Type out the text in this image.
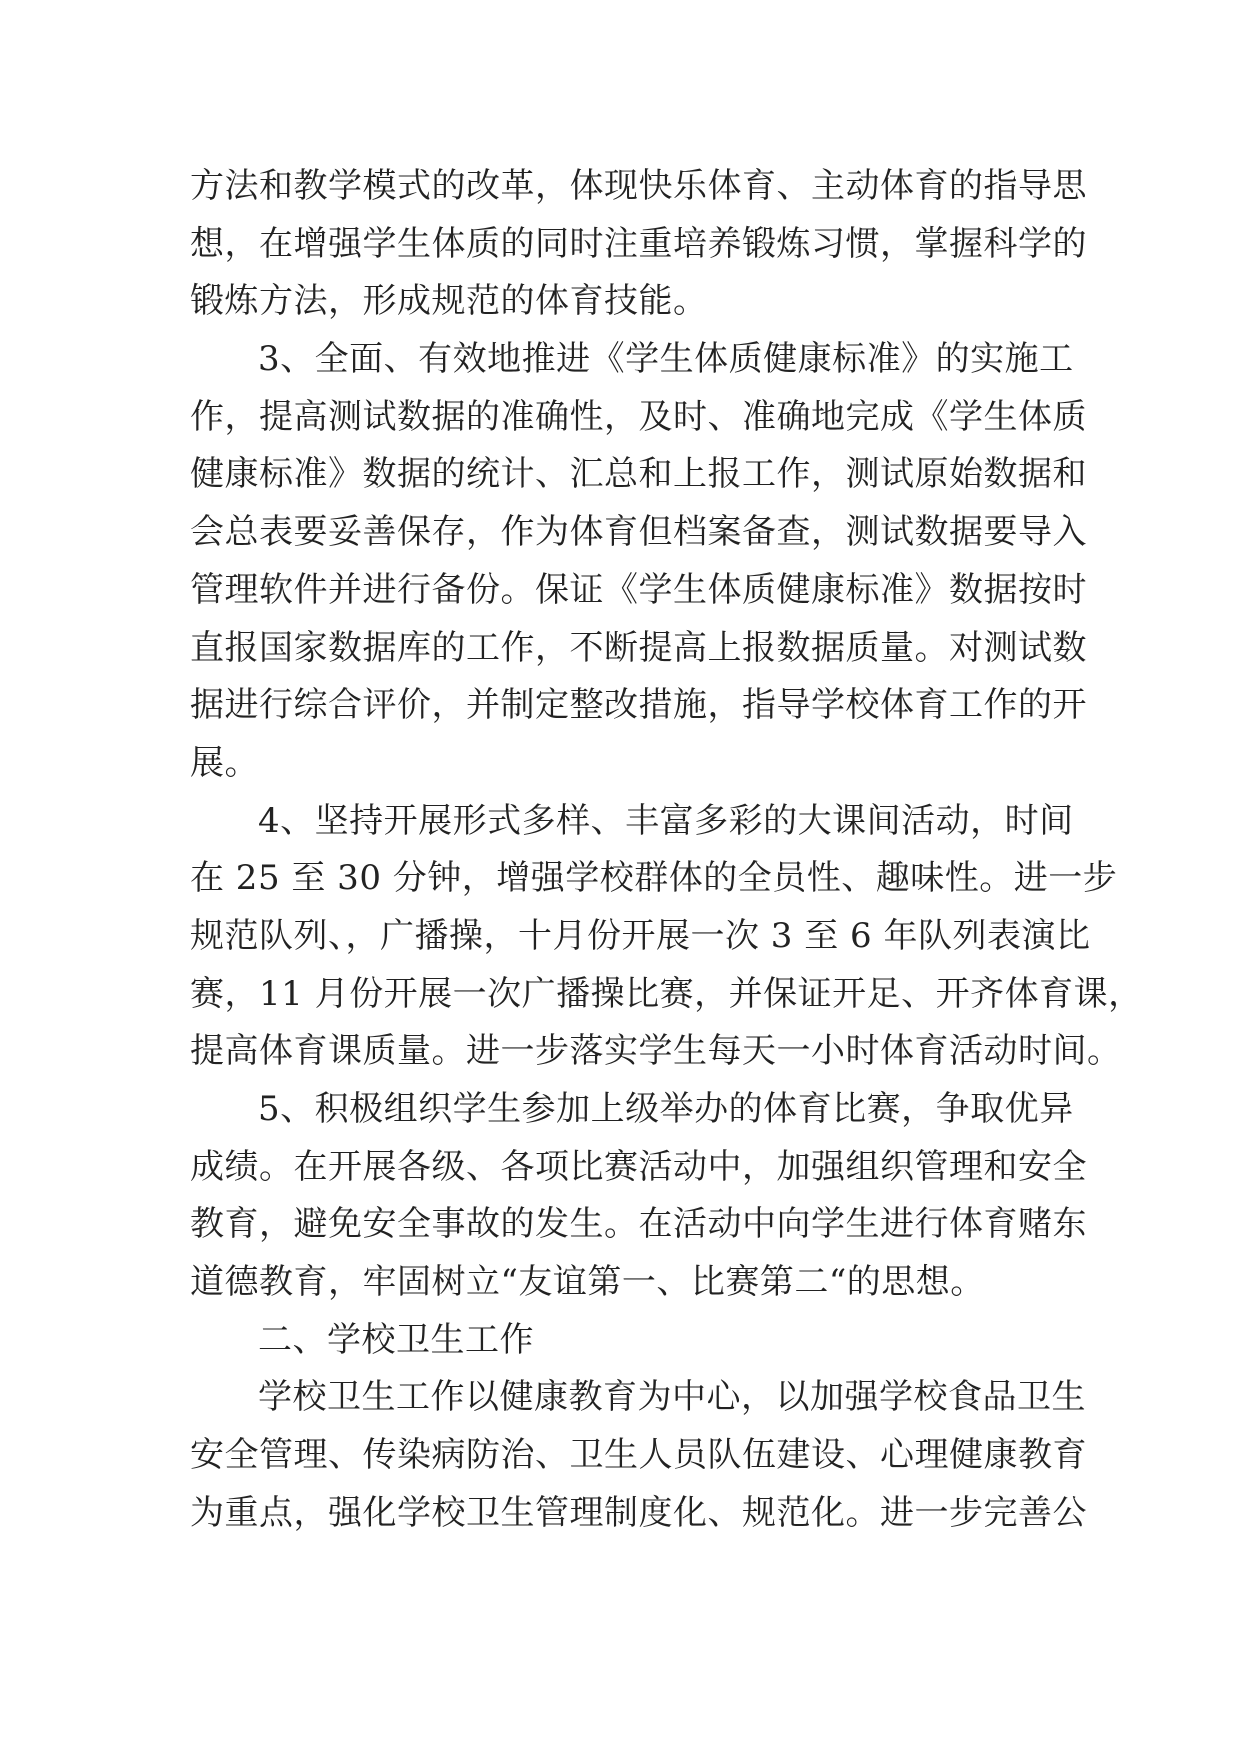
方法和教学模式的改革，体现快乐体育、主动体育的指导思
想，在增强学生体质的同时注重培养锻炼习惯，掌握科学的
锻炼方法，形成规范的体育技能。
3、全面、有效地推进《学生体质健康标准》的实施工
作，提高测试数据的准确性，及时、准确地完成《学生体质
健康标准》数据的统计、汇总和上报工作，测试原始数据和
会总表要妥善保存，作为体育但档案备查，测试数据要导入
管理软件并进行备份。保证《学生体质健康标准》数据按时
直报国家数据库的工作，不断提高上报数据质量。对测试数
据进行综合评价，并制定整改措施，指导学校体育工作的开
展。
4、坚持开展形式多样、丰富多彩的大课间活动，时间
在 25 至 30 分钟，增强学校群体的全员性、趣味性。进一步
规范队列、，广播操，十月份开展一次 3 至 6 年队列表演比
赛，11 月份开展一次广播操比赛，并保证开足、开齐体育课，
提高体育课质量。进一步落实学生每天一小时体育活动时间。
5、积极组织学生参加上级举办的体育比赛，争取优异
成绩。在开展各级、各项比赛活动中，加强组织管理和安全
教育，避免安全事故的发生。在活动中向学生进行体育赌东
道德教育，牢固树立“友谊第一、比赛第二“的思想。
二、学校卫生工作
学校卫生工作以健康教育为中心，以加强学校食品卫生
安全管理、传染病防治、卫生人员队伍建设、心理健康教育
为重点，强化学校卫生管理制度化、规范化。进一步完善公
